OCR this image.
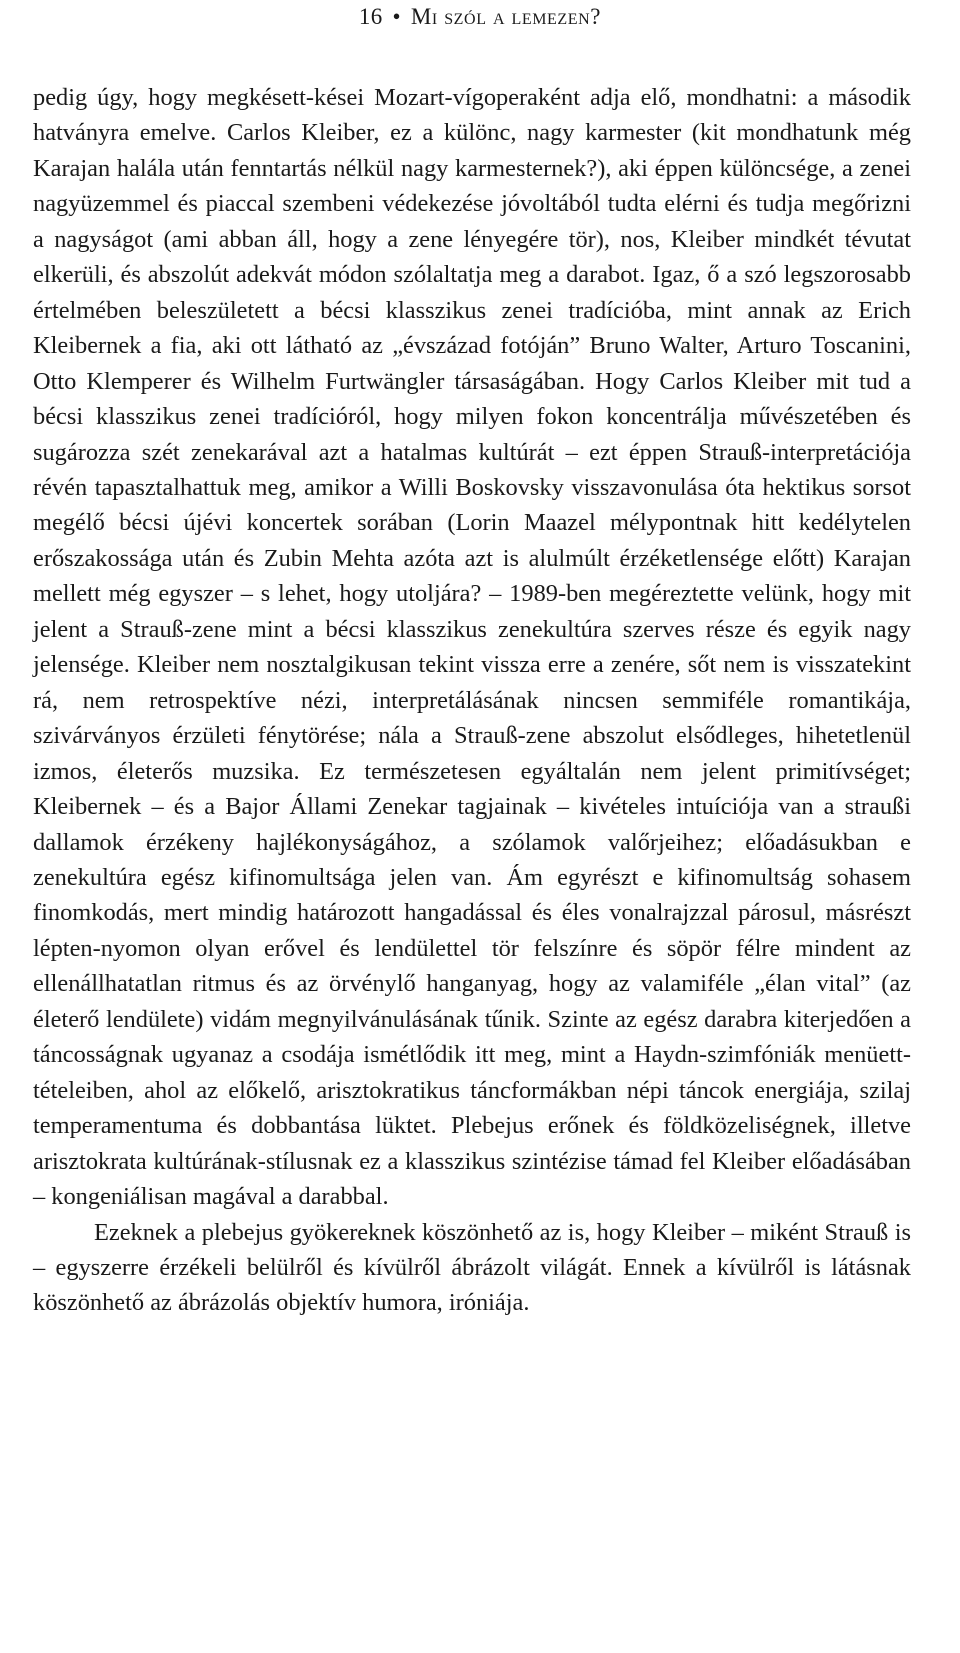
16 • Mi szól a lemezen?

pedig úgy, hogy megkésett-kései Mozart-vígoperaként adja elő, mondhatni: a második hatványra emelve. Carlos Kleiber, ez a különc, nagy karmester (kit mondhatunk még Karajan halála után fenntartás nélkül nagy karmesternek?), aki éppen különcsége, a zenei nagyüzemmel és piaccal szembeni védekezése jóvoltából tudta elérni és tudja megőrizni a nagyságot (ami abban áll, hogy a zene lényegére tör), nos, Kleiber mindkét tévutat elkerüli, és abszolút adekvát módon szólaltatja meg a darabot. Igaz, ő a szó legszorosabb értelmében beleszületett a bécsi klasszikus zenei tradícióba, mint annak az Erich Kleibernek a fia, aki ott látható az „évszázad fotóján” Bruno Walter, Arturo Toscanini, Otto Klemperer és Wilhelm Furtwängler társaságában. Hogy Carlos Kleiber mit tud a bécsi klasszikus zenei tradícióról, hogy milyen fokon koncentrálja művészetében és sugározza szét zenekarával azt a hatalmas kultúrát – ezt éppen Strauß-interpretációja révén tapasztalhattuk meg, amikor a Willi Boskovsky visszavonulása óta hektikus sorsot megélő bécsi újévi koncertek sorában (Lorin Maazel mélypontnak hitt kedélytelen erőszakossága után és Zubin Mehta azóta azt is alulmúlt érzéketlensége előtt) Karajan mellett még egyszer – s lehet, hogy utoljára? – 1989-ben megéreztette velünk, hogy mit jelent a Strauß-zene mint a bécsi klasszikus zenekultúra szerves része és egyik nagy jelensége. Kleiber nem nosztalgikusan tekint vissza erre a zenére, sőt nem is visszatekint rá, nem retrospektíve nézi, interpretálásának nincsen semmiféle romantikája, szivárványos érzületi fénytörése; nála a Strauß-zene abszolut elsődleges, hihetetlenül izmos, életerős muzsika. Ez természetesen egyáltalán nem jelent primitívséget; Kleibernek – és a Bajor Állami Zenekar tagjainak – kivételes intuíciója van a straußi dallamok érzékeny hajlékonyságához, a szólamok valőrjeihez; előadásukban e zenekultúra egész kifinomultsága jelen van. Ám egyrészt e kifinomultság sohasem finomkodás, mert mindig határozott hangadással és éles vonalrajzzal párosul, másrészt lépten-nyomon olyan erővel és lendülettel tör felszínre és söpör félre mindent az ellenállhatatlan ritmus és az örvénylő hanganyag, hogy az valamiféle „élan vital” (az életerő lendülete) vidám megnyilvánulásának tűnik. Szinte az egész darabra kiterjedően a táncosságnak ugyanaz a csodája ismétlődik itt meg, mint a Haydn-szimfóniák menüett-tételeiben, ahol az előkelő, arisztokratikus táncformákban népi táncok energiája, szilaj temperamentuma és dobbantása lüktet. Plebejus erőnek és földközeliségnek, illetve arisztokrata kultúrának-stílusnak ez a klasszikus szintézise támad fel Kleiber előadásában – kongeniálisan magával a darabbal.

Ezeknek a plebejus gyökereknek köszönhető az is, hogy Kleiber – miként Strauß is – egyszerre érzékeli belülről és kívülről ábrázolt világát. Ennek a kívülről is látásnak köszönhető az ábrázolás objektív humora, iróniája.
